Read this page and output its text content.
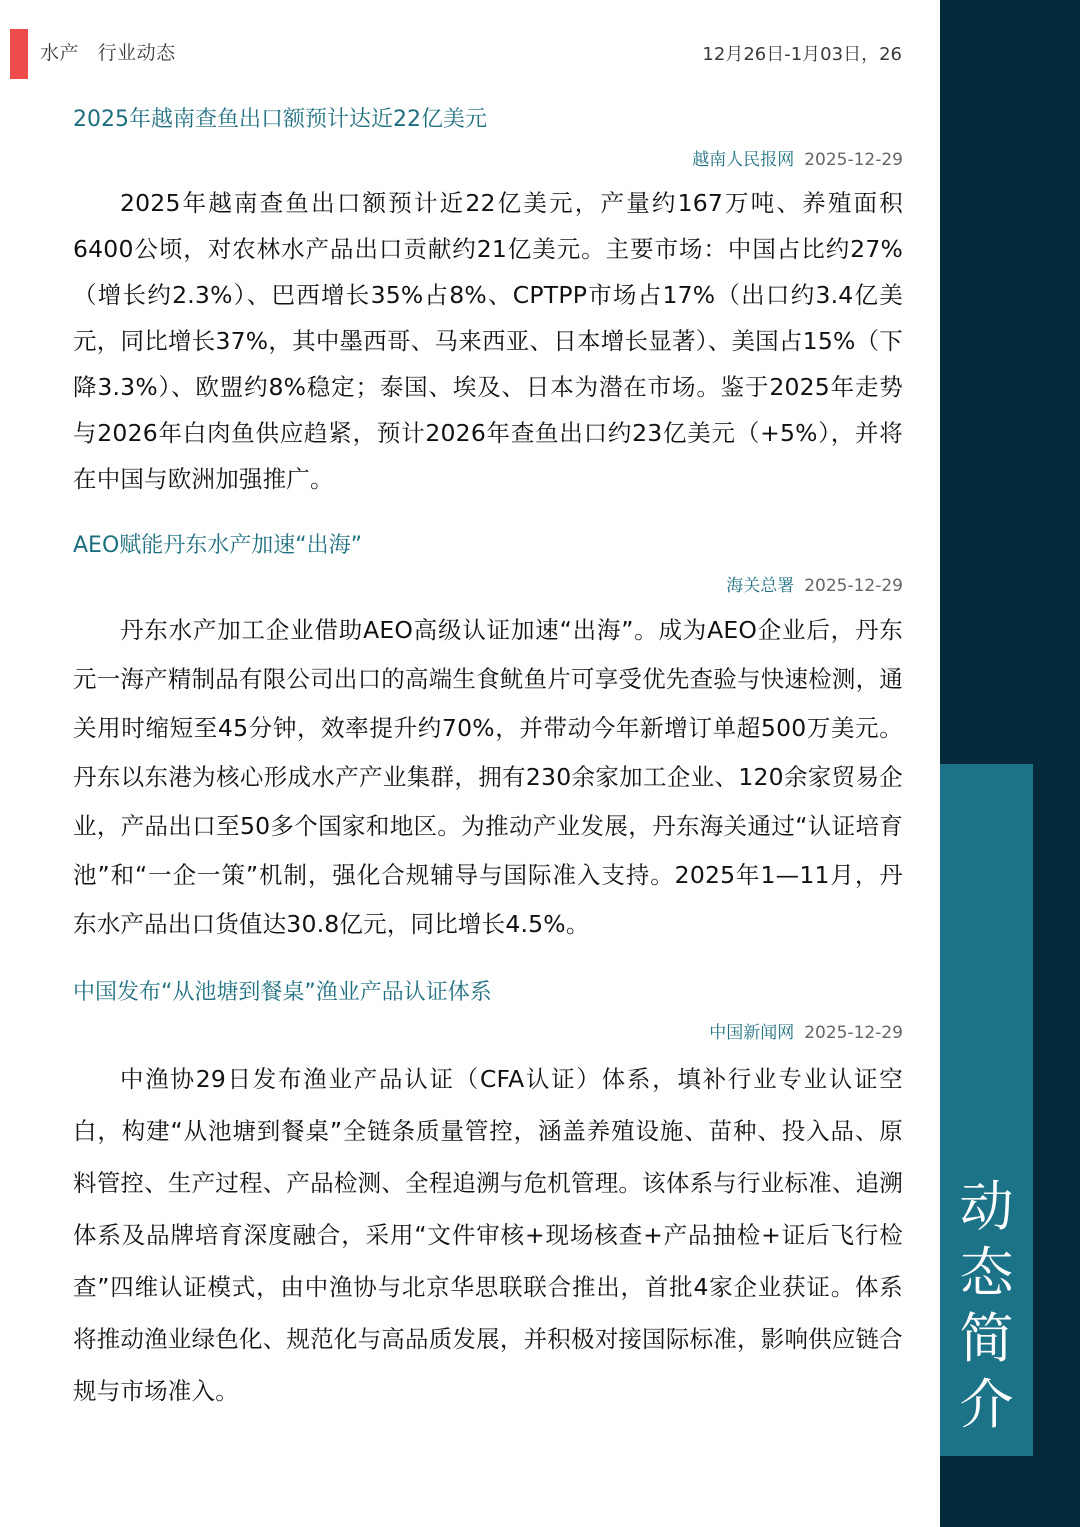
水产 行业动态	12月26日-1月03日，26
动
态
简
介
2025年越南查鱼出口额预计达近22亿美元
越南人民报网 2025-12-29

2025年越南查鱼出口额预计近22亿美元，产量约167万吨、养殖面积6400公顷，对农林水产品出口贡献约21亿美元。主要市场：中国占比约27%（增长约2.3%）、巴西增长35%占8%、CPTPP市场占17%（出口约3.4亿美元，同比增长37%，其中墨西哥、马来西亚、日本增长显著）、美国占15%（下降3.3%）、欧盟约8%稳定；泰国、埃及、日本为潜在市场。鉴于2025年走势与2026年白肉鱼供应趋紧，预计2026年查鱼出口约23亿美元（+5%），并将在中国与欧洲加强推广。

AEO赋能丹东水产加速“出海”
海关总署 2025-12-29

丹东水产加工企业借助AEO高级认证加速“出海”。成为AEO企业后，丹东元一海产精制品有限公司出口的高端生食鱿鱼片可享受优先查验与快速检测，通关用时缩短至45分钟，效率提升约70%，并带动今年新增订单超500万美元。丹东以东港为核心形成水产产业集群，拥有230余家加工企业、120余家贸易企业，产品出口至50多个国家和地区。为推动产业发展，丹东海关通过“认证培育池”和“一企一策”机制，强化合规辅导与国际准入支持。2025年1—11月，丹东水产品出口货值达30.8亿元，同比增长4.5%。

中国发布“从池塘到餐桌”渔业产品认证体系
中国新闻网 2025-12-29

中渔协29日发布渔业产品认证（CFA认证）体系，填补行业专业认证空白，构建“从池塘到餐桌”全链条质量管控，涵盖养殖设施、苗种、投入品、原料管控、生产过程、产品检测、全程追溯与危机管理。该体系与行业标准、追溯体系及品牌培育深度融合，采用“文件审核+现场核查+产品抽检+证后飞行检查”四维认证模式，由中渔协与北京华思联联合推出，首批4家企业获证。体系将推动渔业绿色化、规范化与高品质发展，并积极对接国际标准，影响供应链合规与市场准入。
